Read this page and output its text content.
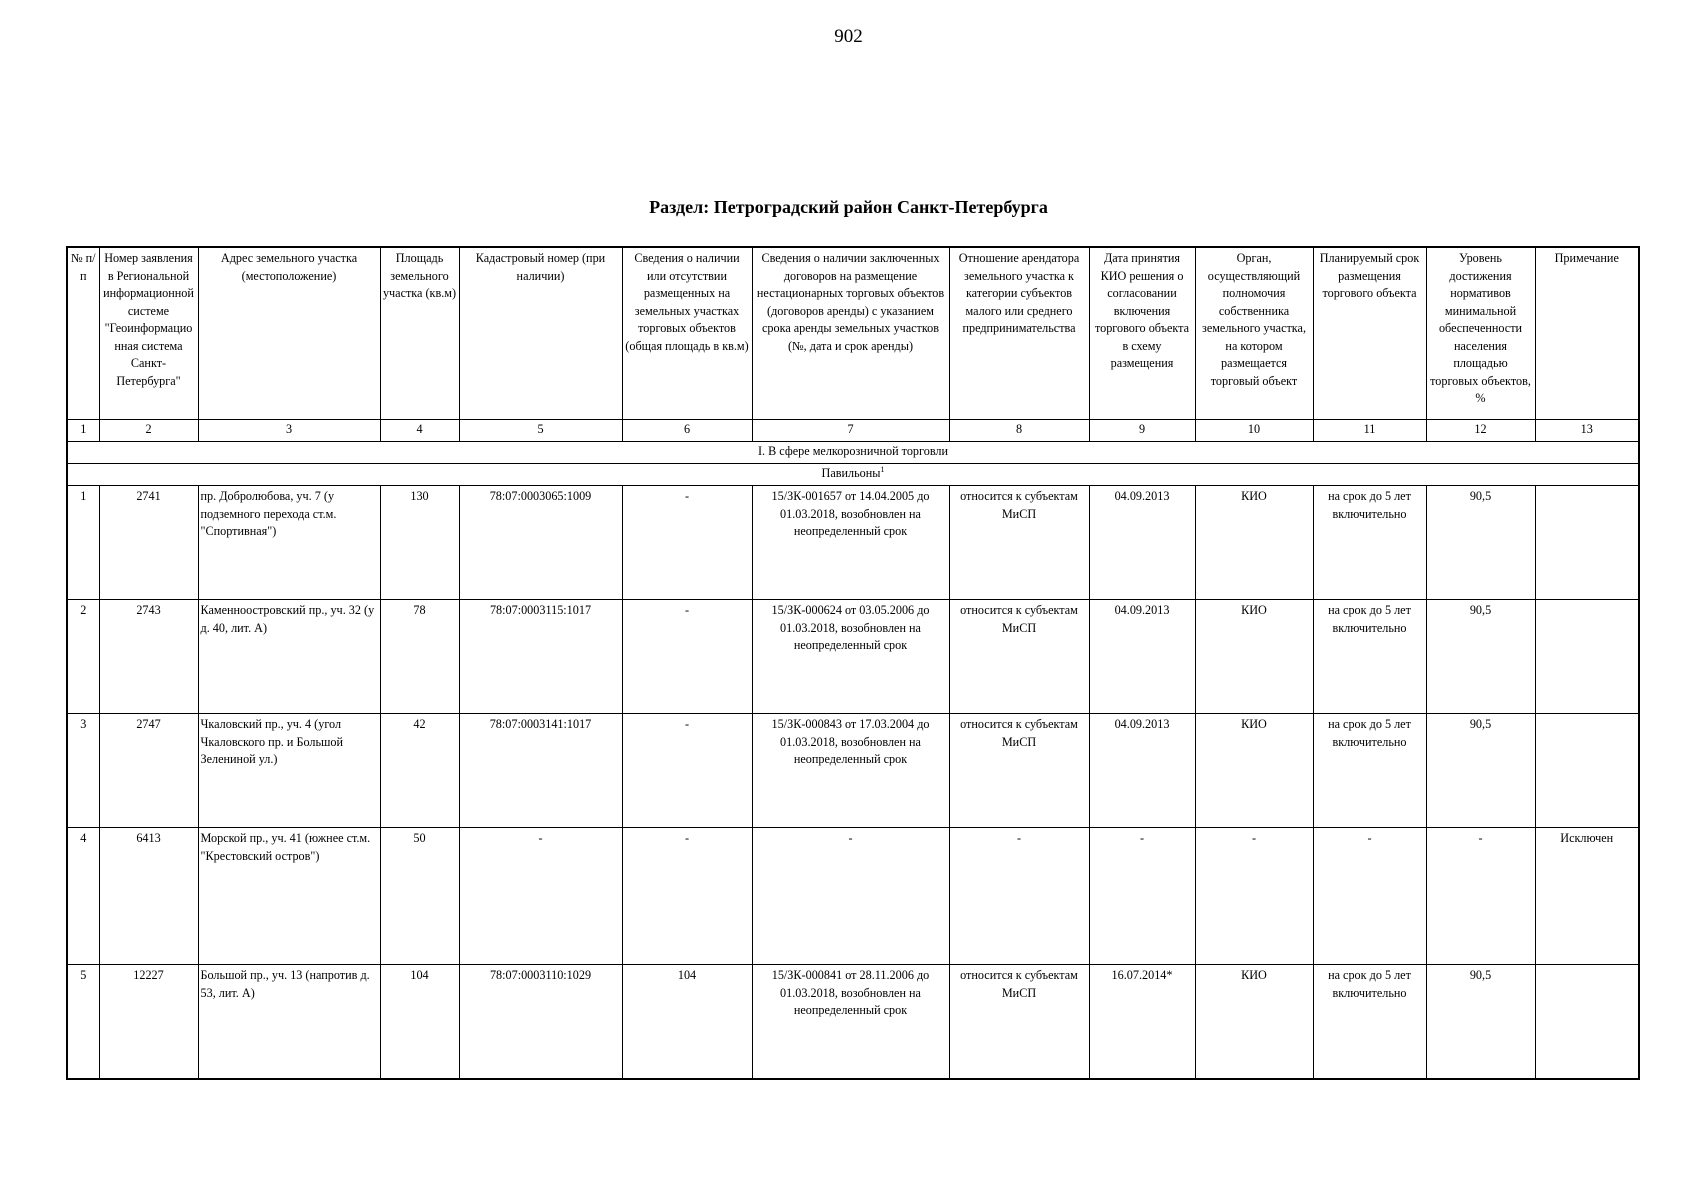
902
Раздел: Петроградский район Санкт-Петербурга
№ п/п	Номер заявления в Региональной информационной системе "Геоинформационная система Санкт-Петербурга"	Адрес земельного участка (местоположение)	Площадь земельного участка (кв.м)	Кадастровый номер (при наличии)	Сведения о наличии или отсутствии размещенных на земельных участках торговых объектов (общая площадь в кв.м)	Сведения о наличии заключенных договоров на размещение нестационарных торговых объектов (договоров аренды) с указанием срока аренды земельных участков (№, дата и срок аренды)	Отношение арендатора земельного участка к категории субъектов малого или среднего предпринимательства	Дата принятия КИО решения о согласовании включения торгового объекта в схему размещения	Орган, осуществляющий полномочия собственника земельного участка, на котором размещается торговый объект	Планируемый срок размещения торгового объекта	Уровень достижения нормативов минимальной обеспеченности населения площадью торговых объектов, %	Примечание
1	2	3	4	5	6	7	8	9	10	11	12	13
I. В сфере мелкорозничной торговли												
Павильоны$^1$
1	2741	пр. Добролюбова, уч. 7 (у подземного перехода ст.м. "Спортивная")	130	78:07:0003065:1009	-	15/ЗК-001657 от 14.04.2005 до 01.03.2018, возобновлен на неопределенный срок	относится к субъектам МиСП	04.09.2013	КИО	на срок до 5 лет включительно	90,5	
2	2743	Каменноостровский пр., уч. 32 (у д. 40, лит. А)	78	78:07:0003115:1017	-	15/ЗК-000624 от 03.05.2006 до 01.03.2018, возобновлен на неопределенный срок	относится к субъектам МиСП	04.09.2013	КИО	на срок до 5 лет включительно	90,5	
3	2747	Чкаловский пр., уч. 4 (угол Чкаловского пр. и Большой Зелениной ул.)	42	78:07:0003141:1017	-	15/ЗК-000843 от 17.03.2004 до 01.03.2018, возобновлен на неопределенный срок	относится к субъектам МиСП	04.09.2013	КИО	на срок до 5 лет включительно	90,5	
4	6413	Морской пр., уч. 41 (южнее ст.м. "Крестовский остров")	50	-	-	-	-	-	-	-	-	Исключен
5	12227	Большой пр., уч. 13 (напротив д. 53, лит. А)	104	78:07:0003110:1029	104	15/ЗК-000841 от 28.11.2006 до 01.03.2018, возобновлен на неопределенный срок	относится к субъектам МиСП	16.07.2014*	КИО	на срок до 5 лет включительно	90,5	
